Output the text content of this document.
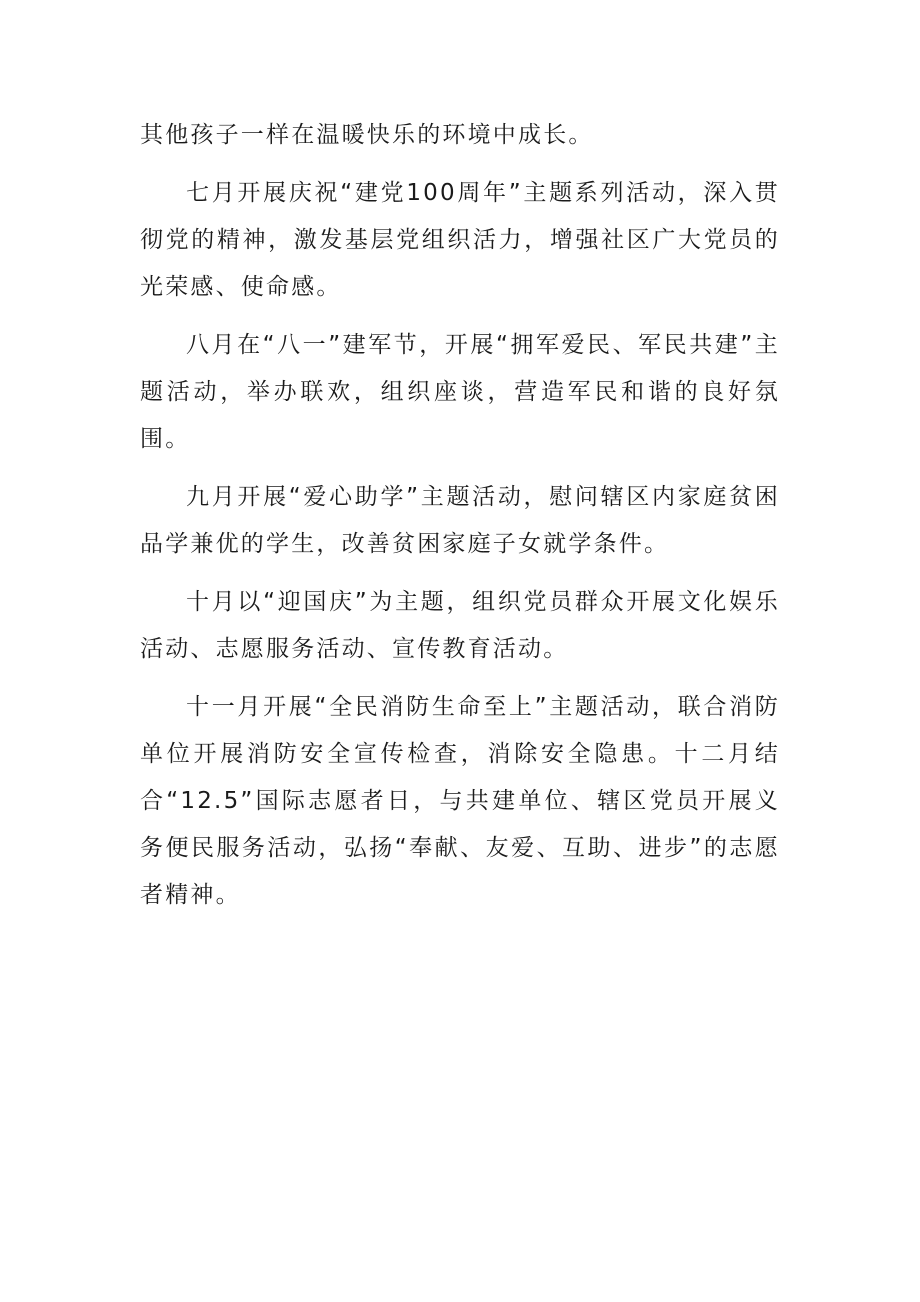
其他孩子一样在温暖快乐的环境中成长。

七月开展庆祝“建党100周年”主题系列活动，深入贯彻党的精神，激发基层党组织活力，增强社区广大党员的光荣感、使命感。

八月在“八一”建军节，开展“拥军爱民、军民共建”主题活动，举办联欢，组织座谈，营造军民和谐的良好氛围。

九月开展“爱心助学”主题活动，慰问辖区内家庭贫困品学兼优的学生，改善贫困家庭子女就学条件。

十月以“迎国庆”为主题，组织党员群众开展文化娱乐活动、志愿服务活动、宣传教育活动。

十一月开展“全民消防生命至上”主题活动，联合消防单位开展消防安全宣传检查，消除安全隐患。十二月结合“12.5”国际志愿者日，与共建单位、辖区党员开展义务便民服务活动，弘扬“奉献、友爱、互助、进步”的志愿者精神。
